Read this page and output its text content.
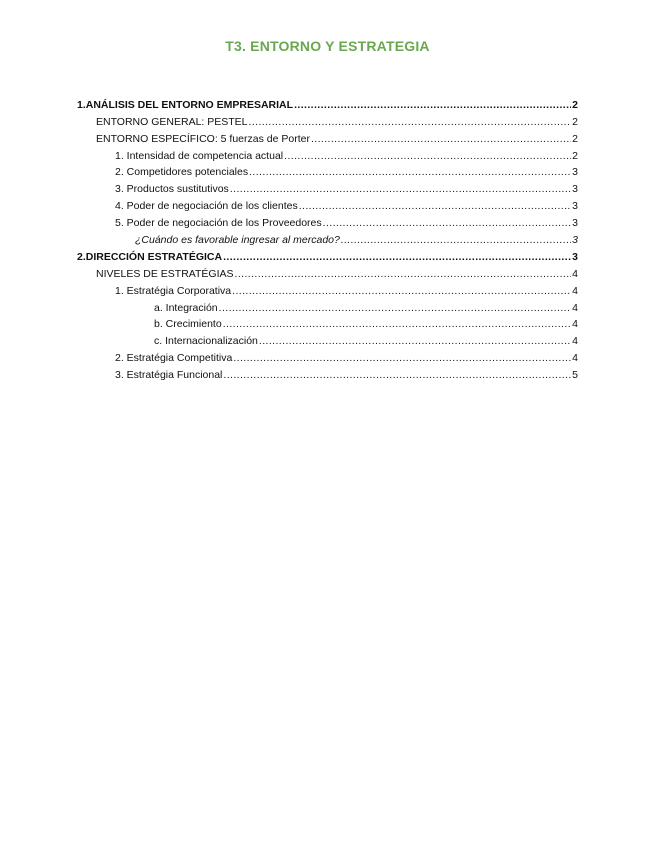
T3. ENTORNO Y ESTRATEGIA
1.ANÁLISIS DEL ENTORNO EMPRESARIAL .....	2
ENTORNO GENERAL: PESTEL .....	2
ENTORNO ESPECÍFICO: 5 fuerzas de Porter .....	2
1. Intensidad de competencia actual .....	2
2. Competidores potenciales .....	3
3. Productos sustitutivos .....	3
4. Poder de negociación de los clientes .....	3
5. Poder de negociación de los Proveedores .....	3
¿Cuándo es favorable ingresar al mercado? .....	3
2.DIRECCIÓN ESTRATÉGICA .....	3
NIVELES DE ESTRATÉGIAS .....	4
1. Estratégia Corporativa .....	4
a. Integración .....	4
b. Crecimiento .....	4
c. Internacionalización .....	4
2. Estratégia Competitiva .....	4
3. Estratégia Funcional .....	5
